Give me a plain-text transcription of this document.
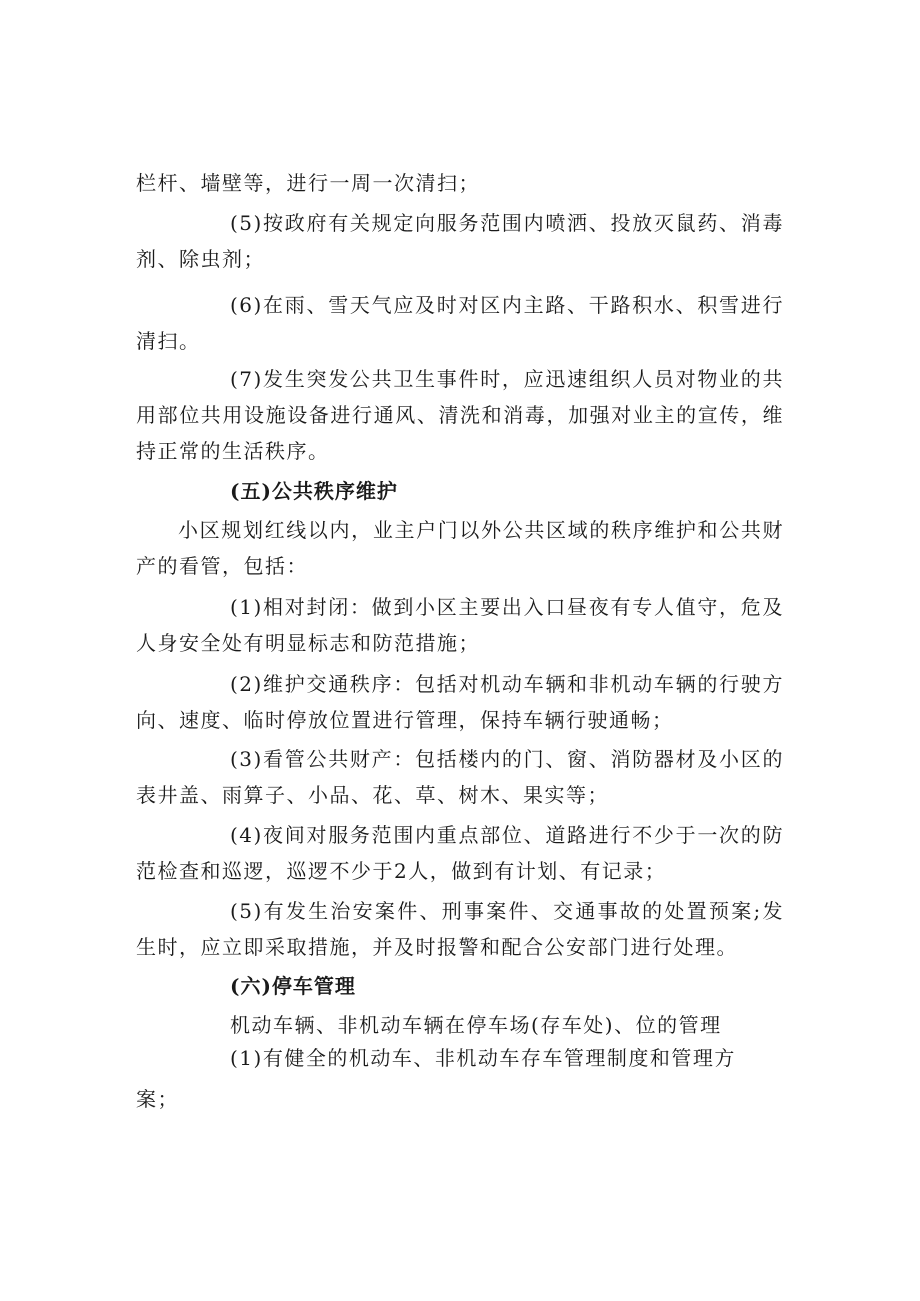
栏杆、墙壁等，进行一周一次清扫；

(5)按政府有关规定向服务范围内喷洒、投放灭鼠药、消毒剂、除虫剂；

(6)在雨、雪天气应及时对区内主路、干路积水、积雪进行清扫。

(7)发生突发公共卫生事件时，应迅速组织人员对物业的共用部位共用设施设备进行通风、清洗和消毒，加强对业主的宣传，维持正常的生活秩序。

(五)公共秩序维护

小区规划红线以内，业主户门以外公共区域的秩序维护和公共财产的看管，包括：

(1)相对封闭：做到小区主要出入口昼夜有专人值守，危及人身安全处有明显标志和防范措施；

(2)维护交通秩序：包括对机动车辆和非机动车辆的行驶方向、速度、临时停放位置进行管理，保持车辆行驶通畅；

(3)看管公共财产：包括楼内的门、窗、消防器材及小区的表井盖、雨算子、小品、花、草、树木、果实等；

(4)夜间对服务范围内重点部位、道路进行不少于一次的防范检查和巡逻，巡逻不少于2人，做到有计划、有记录；

(5)有发生治安案件、刑事案件、交通事故的处置预案;发生时，应立即采取措施，并及时报警和配合公安部门进行处理。

(六)停车管理

机动车辆、非机动车辆在停车场(存车处)、位的管理

(1)有健全的机动车、非机动车存车管理制度和管理方

案；
